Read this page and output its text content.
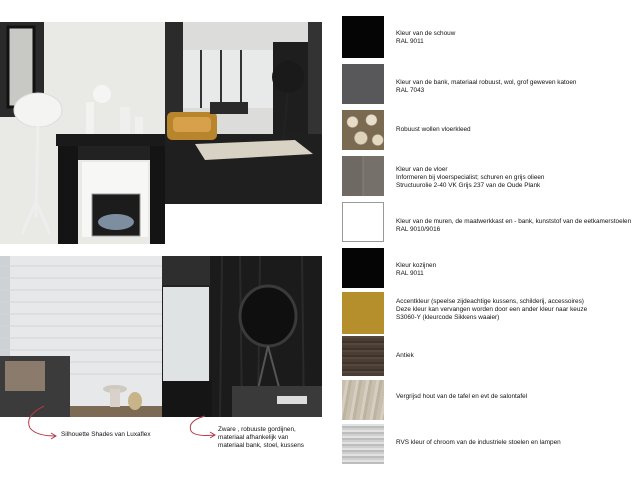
Silhouette Shades van Luxaflex
Zware , robuuste gordijnen,
materiaal afhankelijk van
materiaal bank, stoel, kussens
Kleur van de schouw
RAL 9011
Kleur van de bank, materiaal robuust, wol, grof geweven katoen
RAL 7043
Robuust wollen vloerkleed
Kleur van de vloer
Informeren bij vloerspecialist; schuren en grijs olieen
Structuurolie 2-40 VK Grijs 237 van de Oude Plank
Kleur van de muren, de maatwerkkast en - bank, kunststof van de eetkamerstoelen
RAL 9010/9016
Kleur kozijnen
RAL 9011
Accentkleur (speelse zijdeachtige kussens, schilderij, accessoires)
Deze kleur kan vervangen worden door een ander kleur naar keuze
S3060-Y (kleurcode Sikkens waaier)
Antiek
Vergrijsd hout van de tafel en evt de salontafel
RVS kleur of chroom van de industriele stoelen en lampen
